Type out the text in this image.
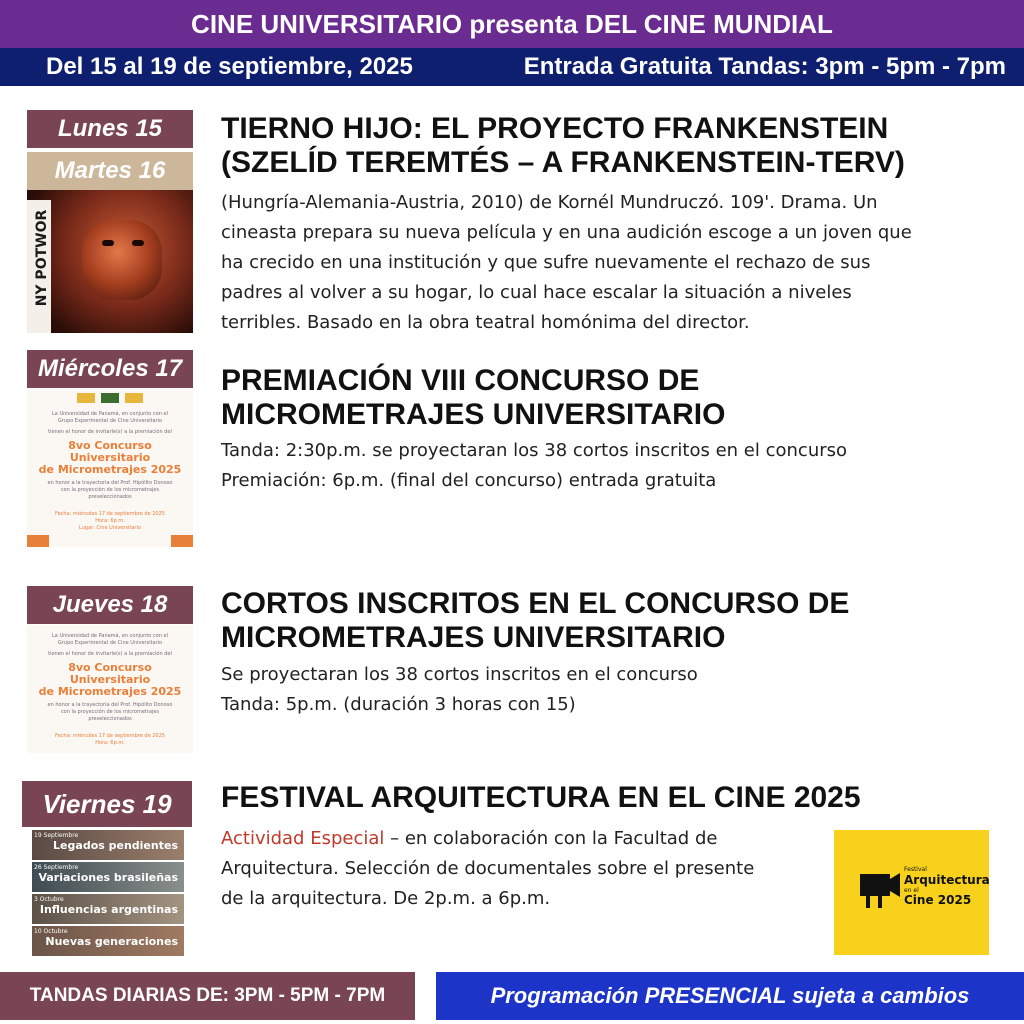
CINE UNIVERSITARIO presenta DEL CINE MUNDIAL
Del 15 al 19 de septiembre, 2025	Entrada Gratuita Tandas: 3pm - 5pm - 7pm
Lunes 15
Martes 16
NY POTWOR
TIERNO HIJO: EL PROYECTO FRANKENSTEIN
(SZELÍD TEREMTÉS – A FRANKENSTEIN-TERV)
(Hungría-Alemania-Austria, 2010) de Kornél Mundruczó. 109'. Drama. Un
cineasta prepara su nueva película y en una audición escoge a un joven que
ha crecido en una institución y que sufre nuevamente el rechazo de sus
padres al volver a su hogar, lo cual hace escalar la situación a niveles
terribles. Basado en la obra teatral homónima del director.
Miércoles 17
La Universidad de Panamá, en conjunto con el
Grupo Experimental de Cine Universitario
tienen el honor de invitarle(s) a la premiación del
8vo Concurso Universitario
de Micrometrajes 2025
en honor a la trayectoria del Prof. Hipólito Donoso
con la proyección de los micrometrajes
preseleccionados
Fecha: miércoles 17 de septiembre de 2025
Hora: 6p.m.
Lugar: Cine Universitario
PREMIACIÓN VIII CONCURSO DE
MICROMETRAJES UNIVERSITARIO
Tanda: 2:30p.m. se proyectaran los 38 cortos inscritos en el concurso
Premiación: 6p.m. (final del concurso) entrada gratuita
Jueves 18
La Universidad de Panamá, en conjunto con el
Grupo Experimental de Cine Universitario
tienen el honor de invitarle(s) a la premiación del
8vo Concurso Universitario
de Micrometrajes 2025
en honor a la trayectoria del Prof. Hipólito Donoso
con la proyección de los micrometrajes
preseleccionados
Fecha: miércoles 17 de septiembre de 2025
Hora: 6p.m.
CORTOS INSCRITOS EN EL CONCURSO DE
MICROMETRAJES UNIVERSITARIO
Se proyectaran los 38 cortos inscritos en el concurso
Tanda: 5p.m. (duración 3 horas con 15)
Viernes 19
19 Septiembre
Legados pendientes
26 Septiembre
Variaciones brasileñas
3 Octubre
Influencias argentinas
10 Octubre
Nuevas generaciones
FESTIVAL ARQUITECTURA EN EL CINE 2025
Actividad Especial – en colaboración con la Facultad de
Arquitectura. Selección de documentales sobre el presente
de la arquitectura. De 2p.m. a 6p.m.
Festival
Arquitectura
en el
Cine 2025
TANDAS DIARIAS DE: 3PM - 5PM - 7PM	Programación PRESENCIAL sujeta a cambios
